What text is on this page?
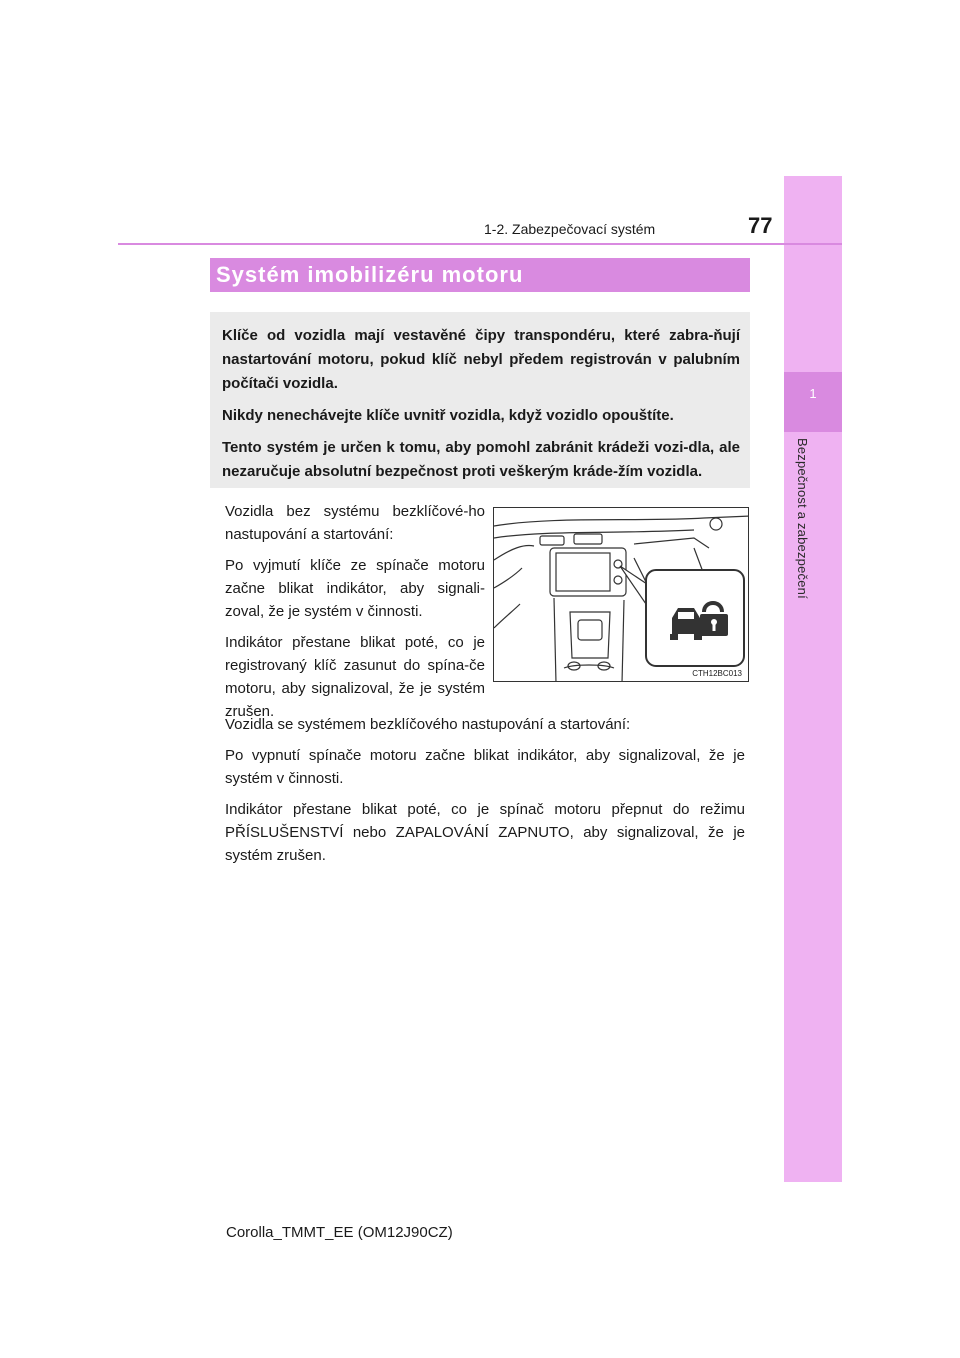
1
Bezpečnost a zabezpečení
1-2. Zabezpečovací systém	77
Systém imobilizéru motoru

Klíče od vozidla mají vestavěné čipy transpondéru, které zabra-ňují nastartování motoru, pokud klíč nebyl předem registrován v palubním počítači vozidla.

Nikdy nenechávejte klíče uvnitř vozidla, když vozidlo opouštíte.

Tento systém je určen k tomu, aby pomohl zabránit krádeži vozi-dla, ale nezaručuje absolutní bezpečnost proti veškerým kráde-žím vozidla.

Vozidla bez systému bezklíčové-ho nastupování a startování:

Po vyjmutí klíče ze spínače motoru začne blikat indikátor, aby signali-zoval, že je systém v činnosti.

Indikátor přestane blikat poté, co je registrovaný klíč zasunut do spína-če motoru, aby signalizoval, že je systém zrušen.

CTH12BC013

Vozidla se systémem bezklíčového nastupování a startování:

Po vypnutí spínače motoru začne blikat indikátor, aby signalizoval, že je systém v činnosti.

Indikátor přestane blikat poté, co je spínač motoru přepnut do režimu PŘÍSLUŠENSTVÍ nebo ZAPALOVÁNÍ ZAPNUTO, aby signalizoval, že je systém zrušen.

Corolla_TMMT_EE (OM12J90CZ)
